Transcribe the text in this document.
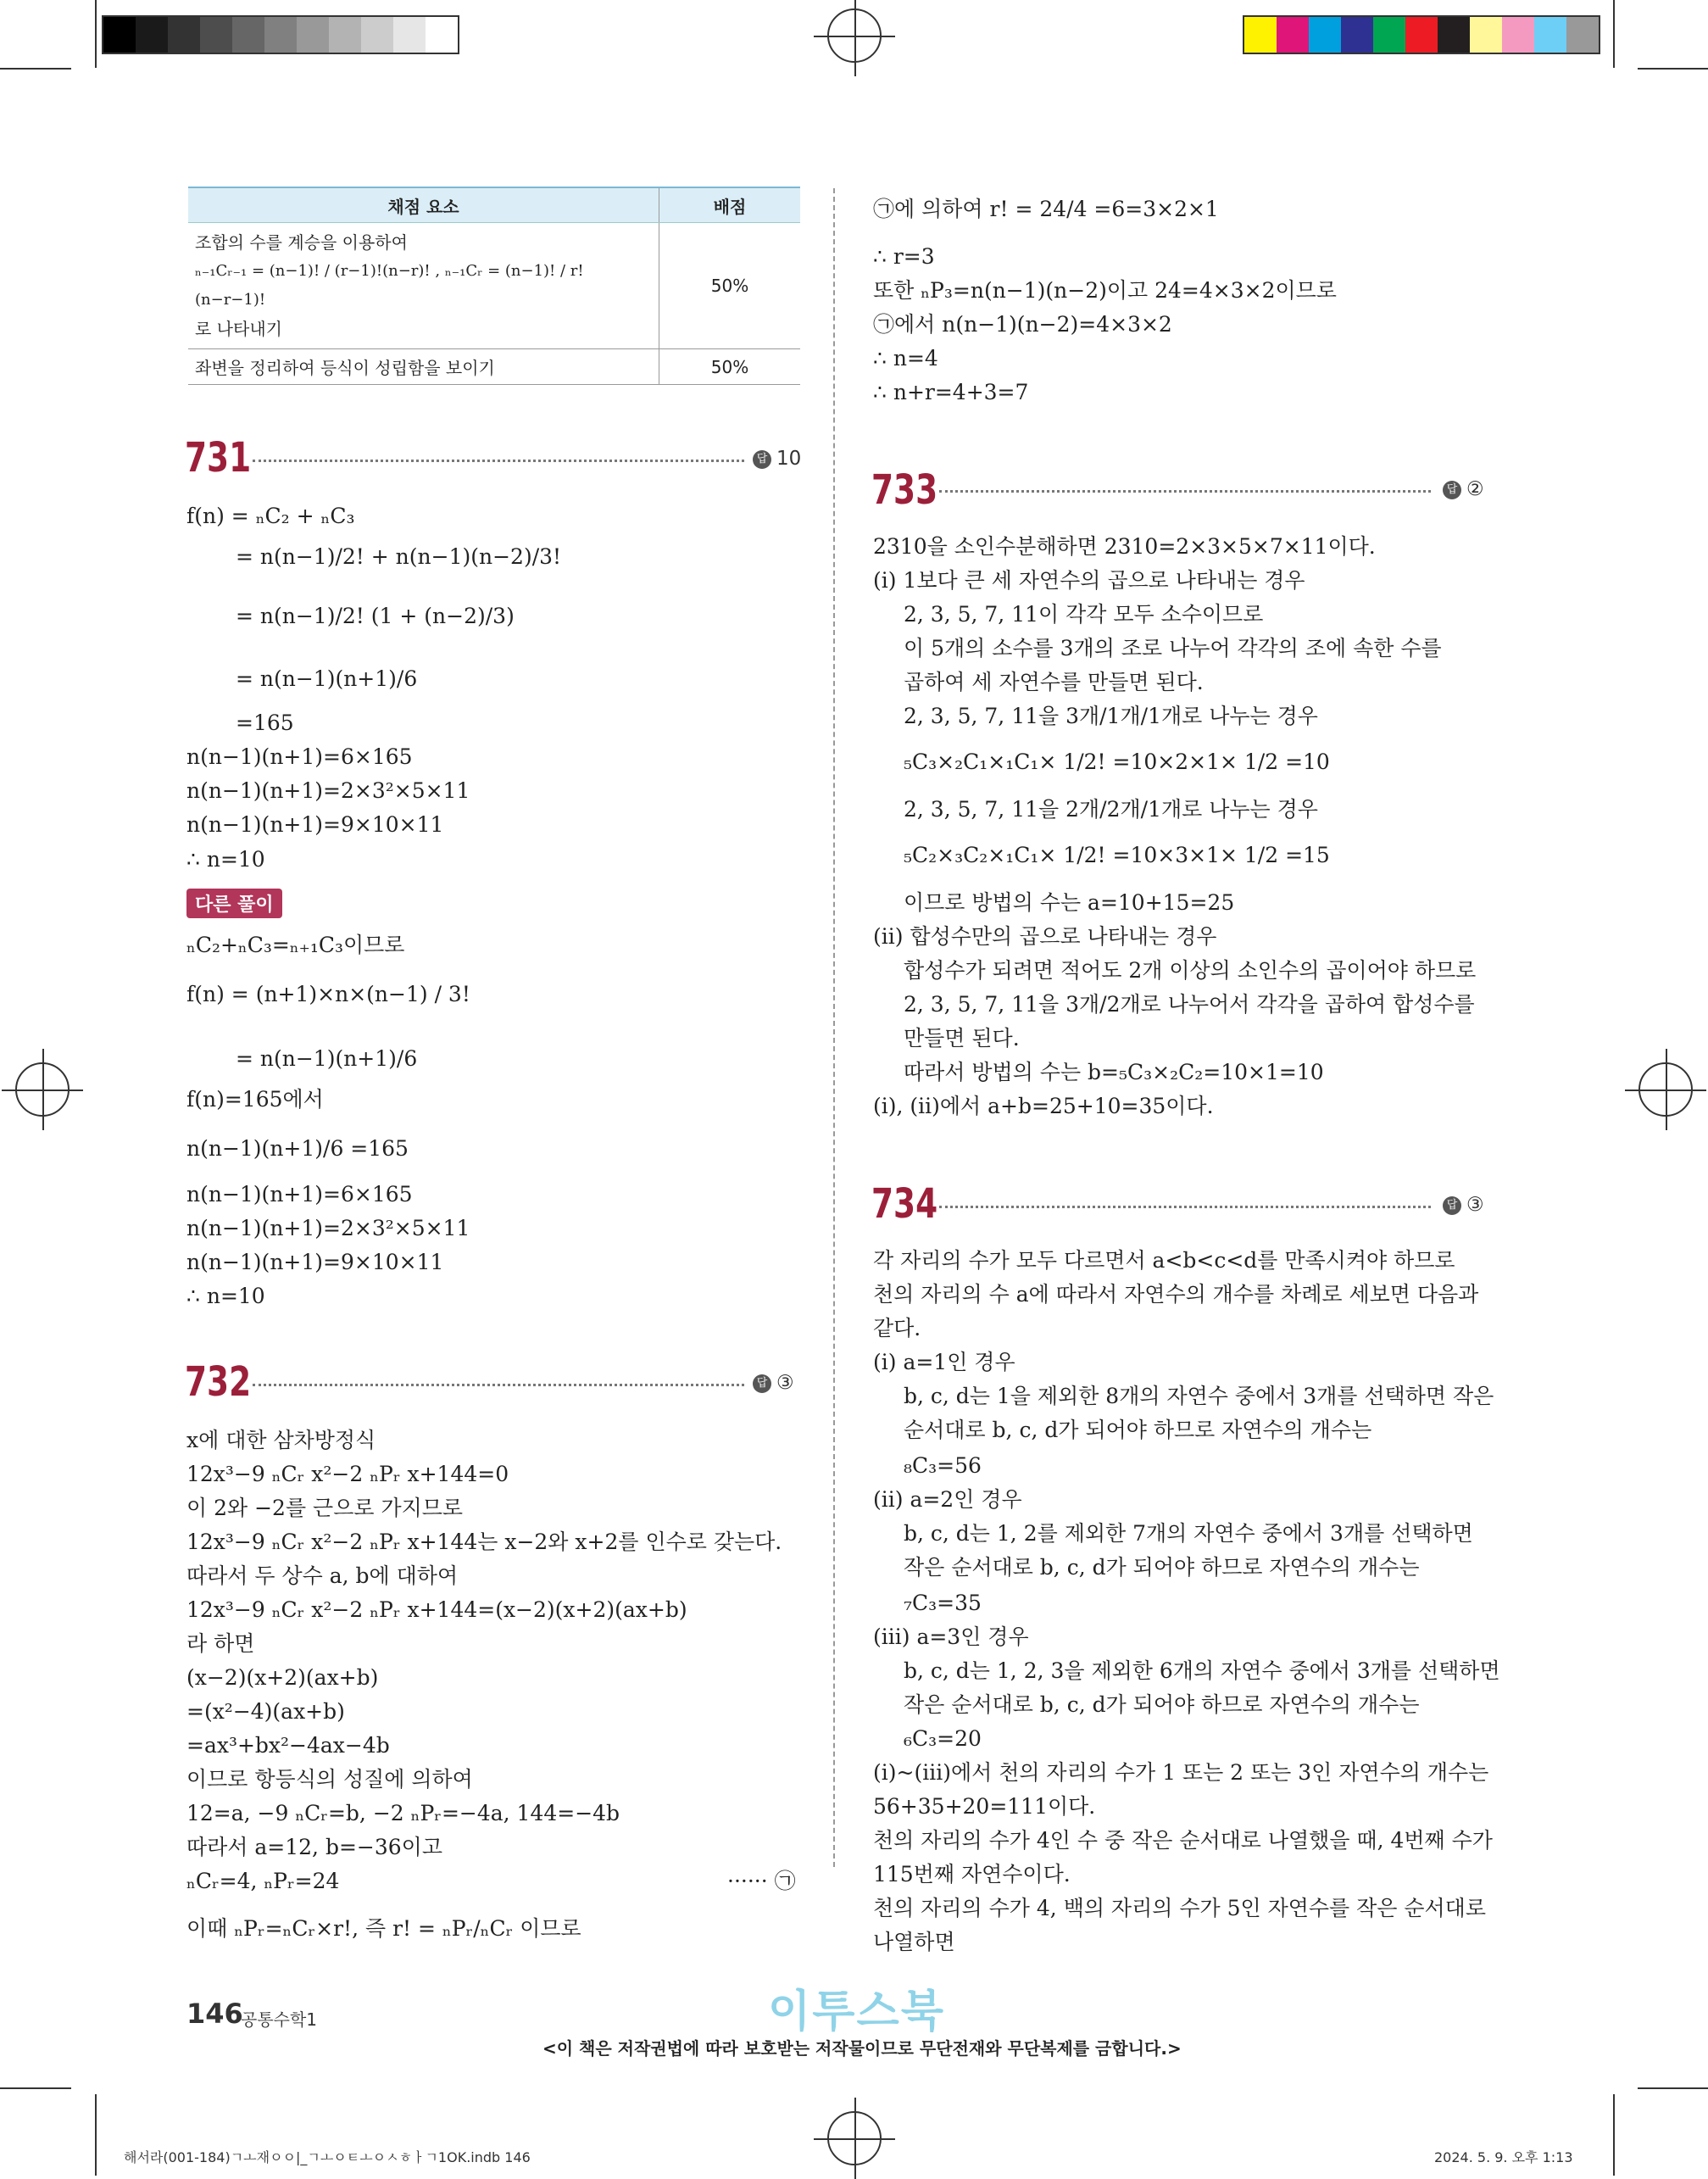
채점 요소	배점

조합의 수를 계승을 이용하여
ₙ₋₁Cᵣ₋₁ = (n−1)! / (r−1)!(n−r)! , ₙ₋₁Cᵣ = (n−1)! / r!(n−r−1)!
로 나타내기	50%
좌변을 정리하여 등식이 성립함을 보이기	50%
731	답 10
f(n) = ₙC₂ + ₙC₃
= n(n−1)/2! + n(n−1)(n−2)/3!
= n(n−1)/2! (1 + (n−2)/3)
= n(n−1)(n+1)/6
=165
n(n−1)(n+1)=6×165
n(n−1)(n+1)=2×3²×5×11
n(n−1)(n+1)=9×10×11
∴ n=10
다른 풀이
ₙC₂+ₙC₃=ₙ₊₁C₃이므로
f(n) = (n+1)×n×(n−1) / 3!
= n(n−1)(n+1)/6
f(n)=165에서
n(n−1)(n+1)/6 =165
n(n−1)(n+1)=6×165
n(n−1)(n+1)=2×3²×5×11
n(n−1)(n+1)=9×10×11
∴ n=10
732	답 ③
x에 대한 삼차방정식
12x³−9 ₙCᵣ x²−2 ₙPᵣ x+144=0
이 2와 −2를 근으로 가지므로
12x³−9 ₙCᵣ x²−2 ₙPᵣ x+144는 x−2와 x+2를 인수로 갖는다.
따라서 두 상수 a, b에 대하여
12x³−9 ₙCᵣ x²−2 ₙPᵣ x+144=(x−2)(x+2)(ax+b)
라 하면
(x−2)(x+2)(ax+b)
=(x²−4)(ax+b)
=ax³+bx²−4ax−4b
이므로 항등식의 성질에 의하여
12=a, −9 ₙCᵣ=b, −2 ₙPᵣ=−4a, 144=−4b
따라서 a=12, b=−36이고
ₙCᵣ=4, ₙPᵣ=24	······ ㉠
이때 ₙPᵣ=ₙCᵣ×r!, 즉 r! = ₙPᵣ/ₙCᵣ 이므로
㉠에 의하여 r! = 24/4 =6=3×2×1
∴ r=3
또한 ₙP₃=n(n−1)(n−2)이고 24=4×3×2이므로
㉠에서 n(n−1)(n−2)=4×3×2
∴ n=4
∴ n+r=4+3=7
733	답 ②
2310을 소인수분해하면 2310=2×3×5×7×11이다.
(i) 1보다 큰 세 자연수의 곱으로 나타내는 경우
2, 3, 5, 7, 11이 각각 모두 소수이므로
이 5개의 소수를 3개의 조로 나누어 각각의 조에 속한 수를
곱하여 세 자연수를 만들면 된다.
2, 3, 5, 7, 11을 3개/1개/1개로 나누는 경우
₅C₃×₂C₁×₁C₁× 1/2! =10×2×1× 1/2 =10
2, 3, 5, 7, 11을 2개/2개/1개로 나누는 경우
₅C₂×₃C₂×₁C₁× 1/2! =10×3×1× 1/2 =15
이므로 방법의 수는 a=10+15=25
(ii) 합성수만의 곱으로 나타내는 경우
합성수가 되려면 적어도 2개 이상의 소인수의 곱이어야 하므로
2, 3, 5, 7, 11을 3개/2개로 나누어서 각각을 곱하여 합성수를
만들면 된다.
따라서 방법의 수는 b=₅C₃×₂C₂=10×1=10
(i), (ii)에서 a+b=25+10=35이다.
734	답 ③
각 자리의 수가 모두 다르면서 a<b<c<d를 만족시켜야 하므로
천의 자리의 수 a에 따라서 자연수의 개수를 차례로 세보면 다음과
같다.
(i) a=1인 경우
b, c, d는 1을 제외한 8개의 자연수 중에서 3개를 선택하면 작은
순서대로 b, c, d가 되어야 하므로 자연수의 개수는
₈C₃=56
(ii) a=2인 경우
b, c, d는 1, 2를 제외한 7개의 자연수 중에서 3개를 선택하면
작은 순서대로 b, c, d가 되어야 하므로 자연수의 개수는
₇C₃=35
(iii) a=3인 경우
b, c, d는 1, 2, 3을 제외한 6개의 자연수 중에서 3개를 선택하면
작은 순서대로 b, c, d가 되어야 하므로 자연수의 개수는
₆C₃=20
(i)~(iii)에서 천의 자리의 수가 1 또는 2 또는 3인 자연수의 개수는
56+35+20=111이다.
천의 자리의 수가 4인 수 중 작은 순서대로 나열했을 때, 4번째 수가
115번째 자연수이다.
천의 자리의 수가 4, 백의 자리의 수가 5인 자연수를 작은 순서대로
나열하면
146
공통수학1	이투스북
<이 책은 저작권법에 따라 보호받는 저작물이므로 무단전재와 무단복제를 금합니다.>
해서라(001-184)ㄱㅗ재ㅇㅇ|_ㄱㅗㅇㅌㅗㅇㅅㅎㅏㄱ1OK.indb 146	2024. 5. 9. 오후 1:13
